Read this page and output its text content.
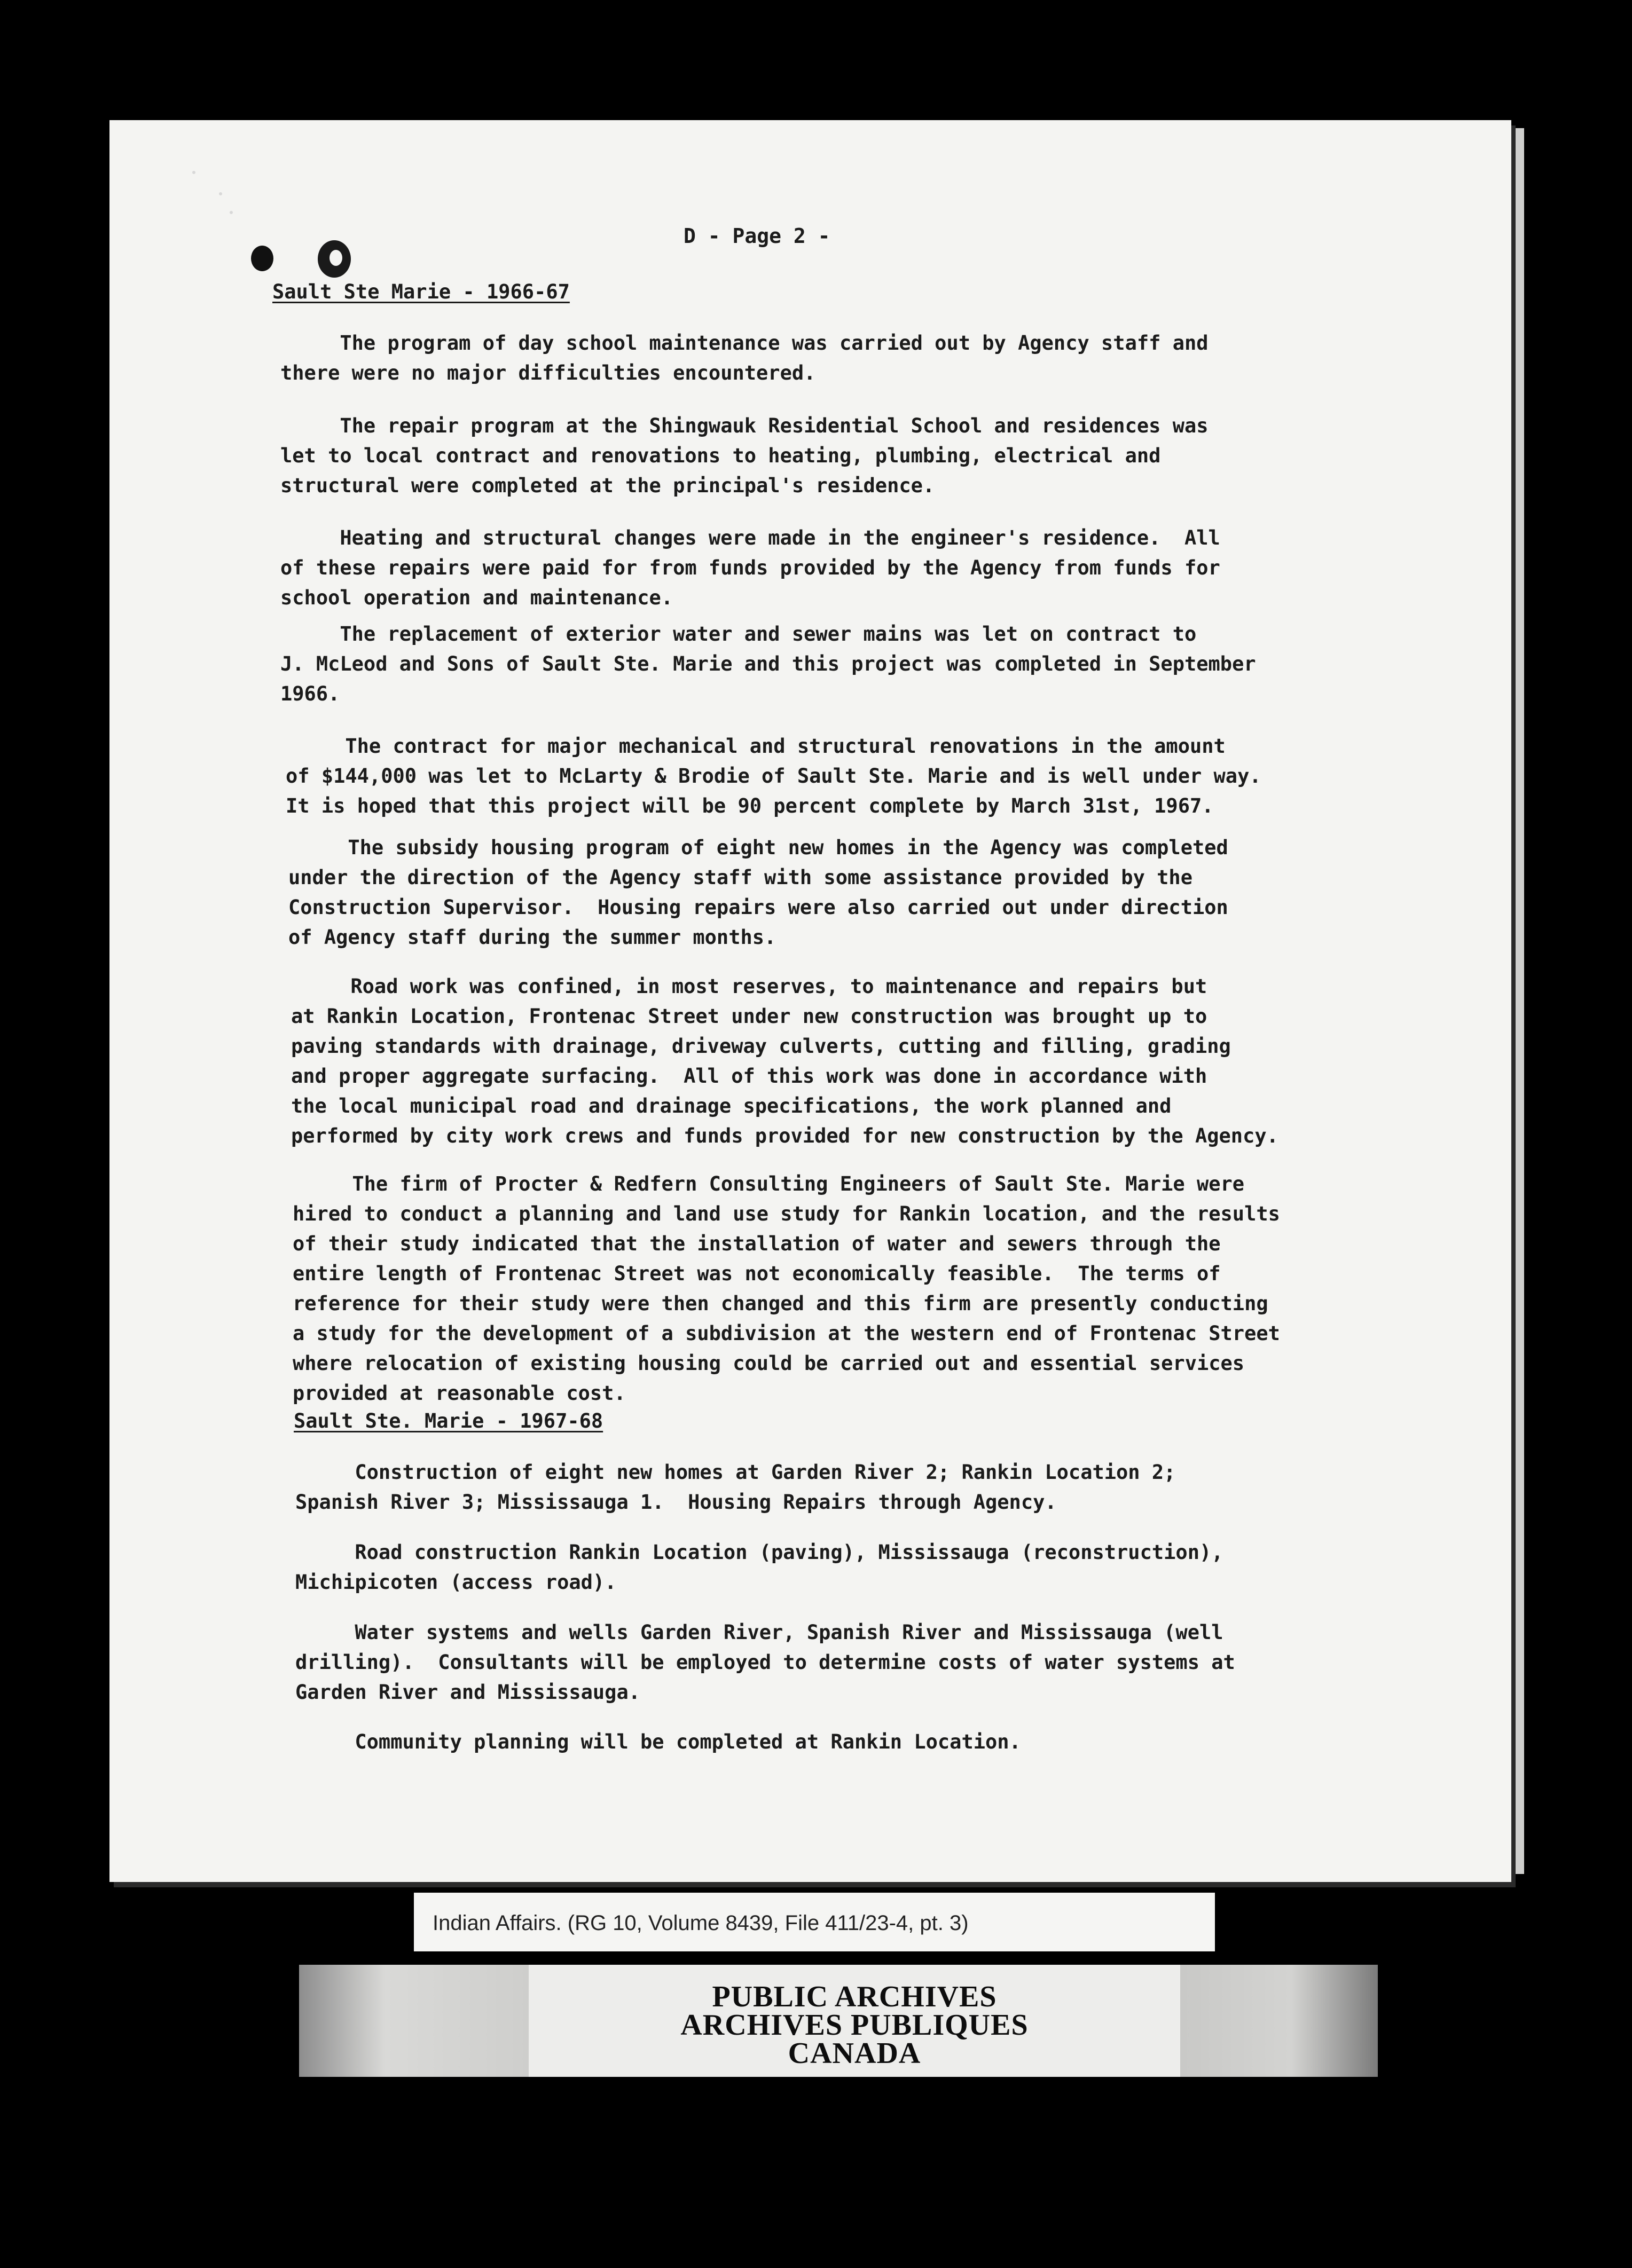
D - Page 2 -
Sault Ste Marie - 1966-67
The program of day school maintenance was carried out by Agency staff and
there were no major difficulties encountered.
The repair program at the Shingwauk Residential School and residences was
let to local contract and renovations to heating, plumbing, electrical and
structural were completed at the principal's residence.
Heating and structural changes were made in the engineer's residence.  All
of these repairs were paid for from funds provided by the Agency from funds for
school operation and maintenance.
The replacement of exterior water and sewer mains was let on contract to
J. McLeod and Sons of Sault Ste. Marie and this project was completed in September
1966.
The contract for major mechanical and structural renovations in the amount
of $144,000 was let to McLarty & Brodie of Sault Ste. Marie and is well under way.
It is hoped that this project will be 90 percent complete by March 31st, 1967.
The subsidy housing program of eight new homes in the Agency was completed
under the direction of the Agency staff with some assistance provided by the
Construction Supervisor.  Housing repairs were also carried out under direction
of Agency staff during the summer months.
Road work was confined, in most reserves, to maintenance and repairs but
at Rankin Location, Frontenac Street under new construction was brought up to
paving standards with drainage, driveway culverts, cutting and filling, grading
and proper aggregate surfacing.  All of this work was done in accordance with
the local municipal road and drainage specifications, the work planned and
performed by city work crews and funds provided for new construction by the Agency.
The firm of Procter & Redfern Consulting Engineers of Sault Ste. Marie were
hired to conduct a planning and land use study for Rankin location, and the results
of their study indicated that the installation of water and sewers through the
entire length of Frontenac Street was not economically feasible.  The terms of
reference for their study were then changed and this firm are presently conducting
a study for the development of a subdivision at the western end of Frontenac Street
where relocation of existing housing could be carried out and essential services
provided at reasonable cost.
Sault Ste. Marie - 1967-68
Construction of eight new homes at Garden River 2; Rankin Location 2;
Spanish River 3; Mississauga 1.  Housing Repairs through Agency.
Road construction Rankin Location (paving), Mississauga (reconstruction),
Michipicoten (access road).
Water systems and wells Garden River, Spanish River and Mississauga (well
drilling).  Consultants will be employed to determine costs of water systems at
Garden River and Mississauga.
Community planning will be completed at Rankin Location.
Indian Affairs. (RG 10, Volume 8439, File 411/23-4, pt. 3)
PUBLIC ARCHIVES
ARCHIVES PUBLIQUES
CANADA
